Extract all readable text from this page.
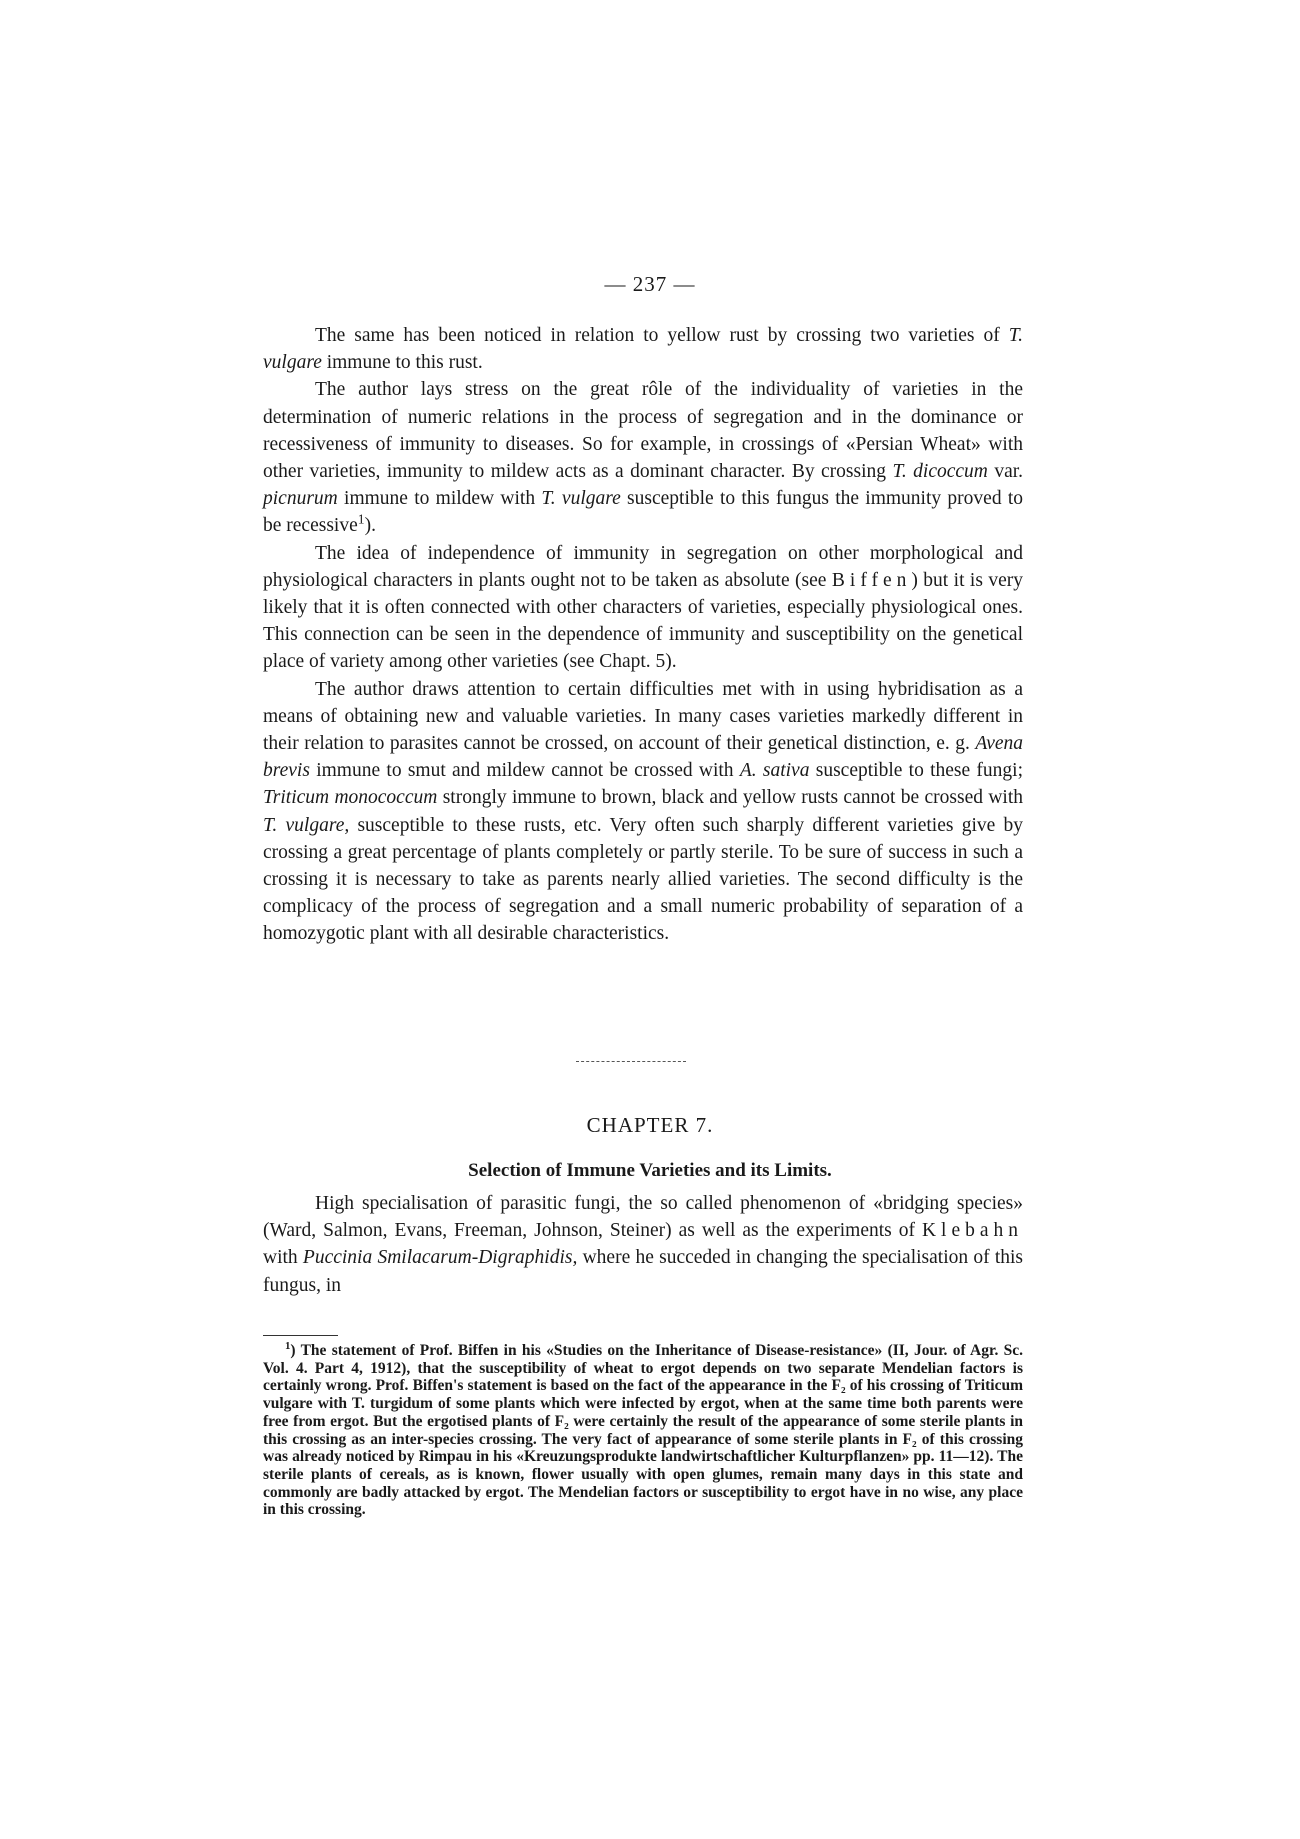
— 237 —

The same has been noticed in relation to yellow rust by crossing two varieties of T. vulgare immune to this rust.

The author lays stress on the great rôle of the individuality of varieties in the determination of numeric relations in the process of segregation and in the dominance or recessiveness of immunity to diseases. So for example, in crossings of «Persian Wheat» with other varieties, immunity to mildew acts as a dominant character. By crossing T. dicoccum var. picnurum immune to mildew with T. vulgare susceptible to this fungus the immunity proved to be recessive$^1$).

The idea of independence of immunity in segregation on other morphological and physiological characters in plants ought not to be taken as absolute (see Biffen) but it is very likely that it is often connected with other characters of varieties, especially physiological ones. This connection can be seen in the dependence of immunity and susceptibility on the genetical place of variety among other varieties (see Chapt. 5).

The author draws attention to certain difficulties met with in using hybridisation as a means of obtaining new and valuable varieties. In many cases varieties markedly different in their relation to parasites cannot be crossed, on account of their genetical distinction, e. g. Avena brevis immune to smut and mildew cannot be crossed with A. sativa susceptible to these fungi; Triticum monococcum strongly immune to brown, black and yellow rusts cannot be crossed with T. vulgare, susceptible to these rusts, etc. Very often such sharply different varieties give by crossing a great percentage of plants completely or partly sterile. To be sure of success in such a crossing it is necessary to take as parents nearly allied varieties. The second difficulty is the complicacy of the process of segregation and a small numeric probability of separation of a homozygotic plant with all desirable characteristics.

CHAPTER 7.
Selection of Immune Varieties and its Limits.

High specialisation of parasitic fungi, the so called phenomenon of «bridging species» (Ward, Salmon, Evans, Freeman, Johnson, Steiner) as well as the experiments of Klebahn with Puccinia Smilacarum-Digraphidis, where he succeded in changing the specialisation of this fungus, in

$^1$) The statement of Prof. Biffen in his «Studies on the Inheritance of Disease-resistance» (II, Jour. of Agr. Sc. Vol. 4. Part 4, 1912), that the susceptibility of wheat to ergot depends on two separate Mendelian factors is certainly wrong. Prof. Biffen's statement is based on the fact of the appearance in the F₂ of his crossing of Triticum vulgare with T. turgidum of some plants which were infected by ergot, when at the same time both parents were free from ergot. But the ergotised plants of F₂ were certainly the result of the appearance of some sterile plants in this crossing as an inter-species crossing. The very fact of appearance of some sterile plants in F₂ of this crossing was already noticed by Rimpau in his «Kreuzungsprodukte landwirtschaftlicher Kulturpflanzen» pp. 11—12). The sterile plants of cereals, as is known, flower usually with open glumes, remain many days in this state and commonly are badly attacked by ergot. The Mendelian factors or susceptibility to ergot have in no wise, any place in this crossing.
